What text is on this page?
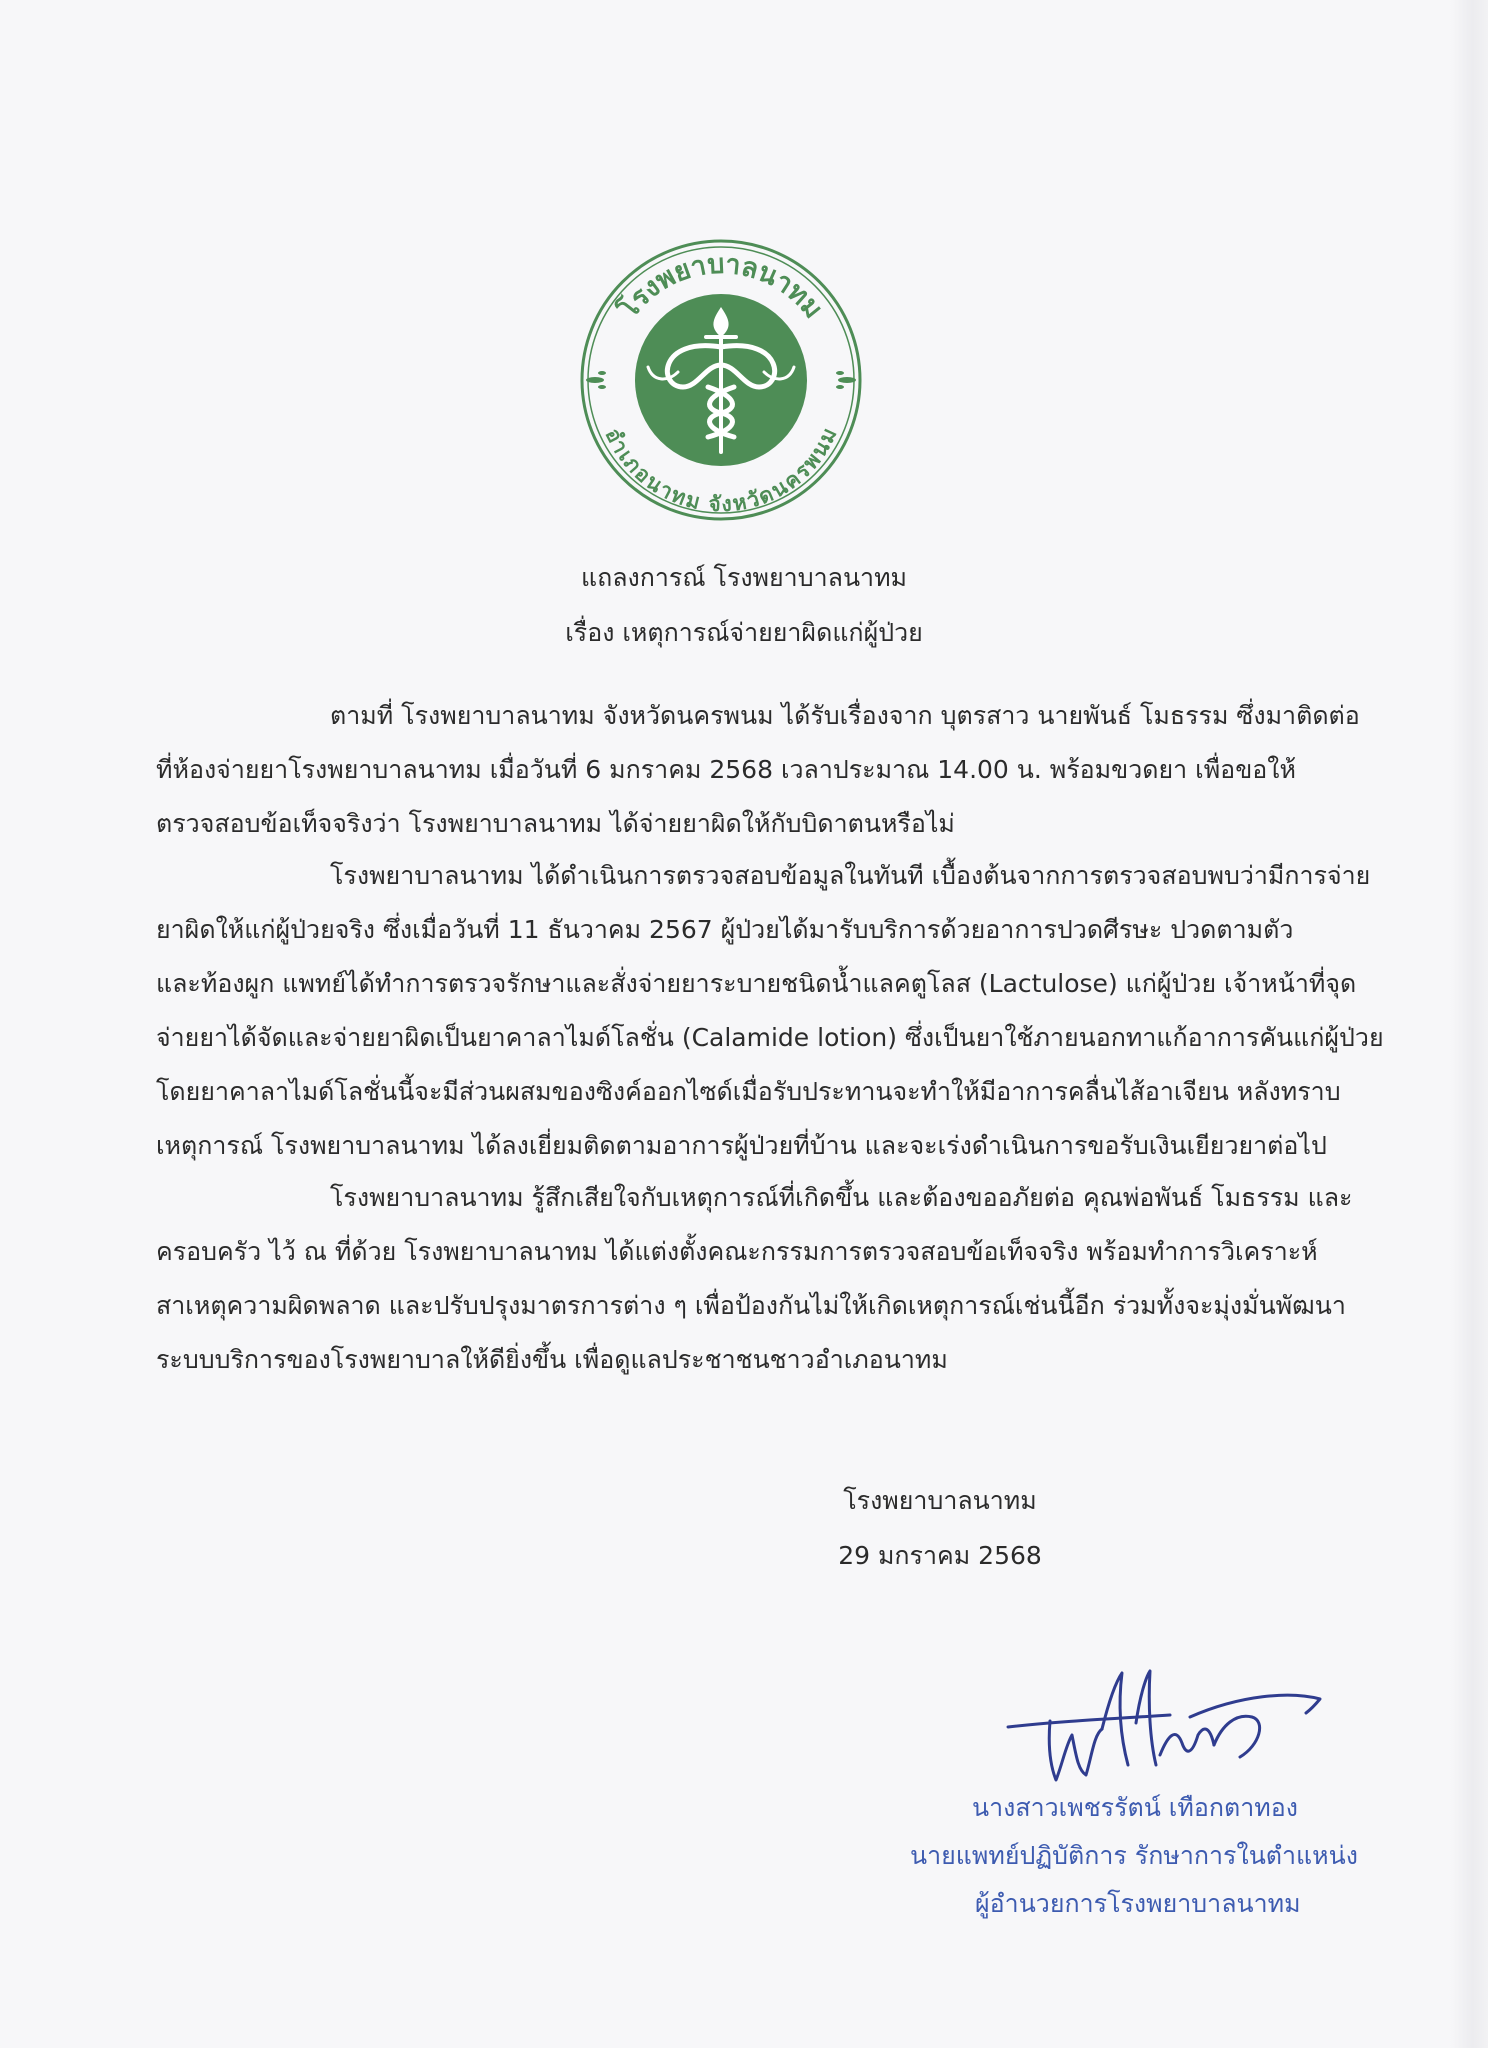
โรงพยาบาลนาทม
อำเภอนาทม จังหวัดนครพนม
แถลงการณ์ โรงพยาบาลนาทม
เรื่อง เหตุการณ์จ่ายยาผิดแก่ผู้ป่วย
ตามที่ โรงพยาบาลนาทม จังหวัดนครพนม ได้รับเรื่องจาก บุตรสาว นายพันธ์ โมธรรม ซึ่งมาติดต่อ
ที่ห้องจ่ายยาโรงพยาบาลนาทม เมื่อวันที่ 6 มกราคม 2568 เวลาประมาณ 14.00 น. พร้อมขวดยา เพื่อขอให้
ตรวจสอบข้อเท็จจริงว่า โรงพยาบาลนาทม ได้จ่ายยาผิดให้กับบิดาตนหรือไม่
โรงพยาบาลนาทม ได้ดำเนินการตรวจสอบข้อมูลในทันที เบื้องต้นจากการตรวจสอบพบว่ามีการจ่าย
ยาผิดให้แก่ผู้ป่วยจริง ซึ่งเมื่อวันที่ 11 ธันวาคม 2567 ผู้ป่วยได้มารับบริการด้วยอาการปวดศีรษะ ปวดตามตัว
และท้องผูก แพทย์ได้ทำการตรวจรักษาและสั่งจ่ายยาระบายชนิดน้ำแลคตูโลส (Lactulose) แก่ผู้ป่วย เจ้าหน้าที่จุด
จ่ายยาได้จัดและจ่ายยาผิดเป็นยาคาลาไมด์โลชั่น (Calamide lotion) ซึ่งเป็นยาใช้ภายนอกทาแก้อาการคันแก่ผู้ป่วย
โดยยาคาลาไมด์โลชั่นนี้จะมีส่วนผสมของซิงค์ออกไซด์เมื่อรับประทานจะทำให้มีอาการคลื่นไส้อาเจียน หลังทราบ
เหตุการณ์ โรงพยาบาลนาทม ได้ลงเยี่ยมติดตามอาการผู้ป่วยที่บ้าน และจะเร่งดำเนินการขอรับเงินเยียวยาต่อไป
โรงพยาบาลนาทม รู้สึกเสียใจกับเหตุการณ์ที่เกิดขึ้น และต้องขออภัยต่อ คุณพ่อพันธ์ โมธรรม และ
ครอบครัว ไว้ ณ ที่ด้วย โรงพยาบาลนาทม ได้แต่งตั้งคณะกรรมการตรวจสอบข้อเท็จจริง พร้อมทำการวิเคราะห์
สาเหตุความผิดพลาด และปรับปรุงมาตรการต่าง ๆ เพื่อป้องกันไม่ให้เกิดเหตุการณ์เช่นนี้อีก ร่วมทั้งจะมุ่งมั่นพัฒนา
ระบบบริการของโรงพยาบาลให้ดียิ่งขึ้น เพื่อดูแลประชาชนชาวอำเภอนาทม
โรงพยาบาลนาทม
29 มกราคม 2568
นางสาวเพชรรัตน์ เทือกตาทอง
นายแพทย์ปฏิบัติการ รักษาการในตำแหน่ง
ผู้อำนวยการโรงพยาบาลนาทม
